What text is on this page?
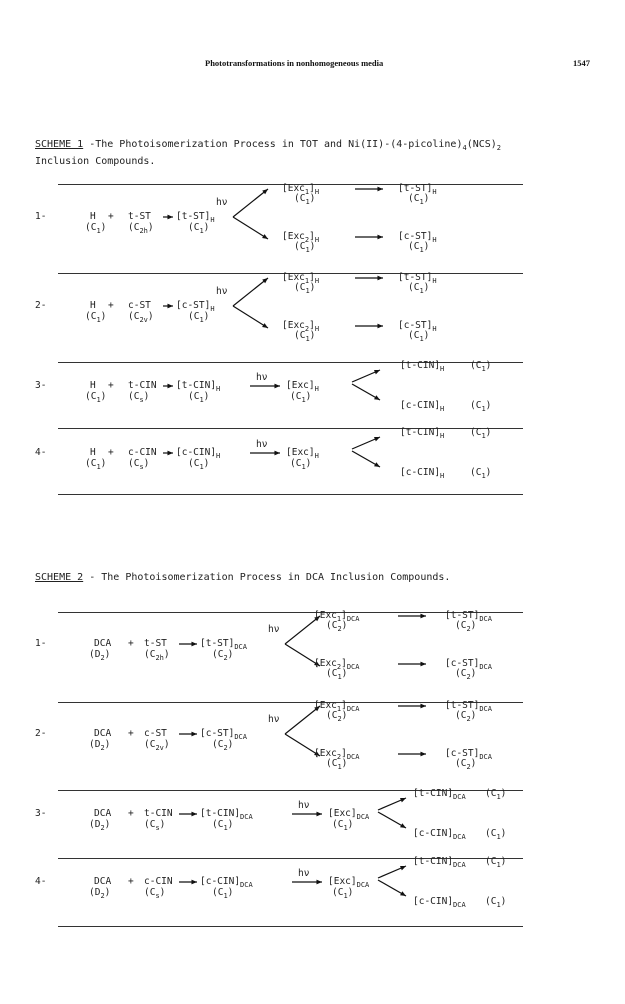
Phototransformations in nonhomogeneous media	1547
SCHEME 1 -The Photoisomerization Process in TOT and $Ni(II)-(4-picoline)_4(NCS)_2$
Inclusion Compounds.
1-	H
$(C_1)$
+ t-ST
$(C_{2h})$
$[t-ST]_H$
$(C_1)$
hν
$[Exc_1]_H$
$(C_1)$
$[t-ST]_H$
$(C_1)$
$[Exc_2]_H$
$(C_1)$
$[c-ST]_H$
$(C_1)$
2-	H
$(C_1)$
+ c-ST
$(C_{2v})$
$[c-ST]_H$
$(C_1)$
hν
$[Exc_1]_H$
$(C_1)$
$[t-ST]_H$
$(C_1)$
$[Exc_2]_H$
$(C_1)$
$[c-ST]_H$
$(C_1)$
3-	H
$(C_1)$
+ t-CIN
$(C_s)$
$[t-CIN]_H$
$(C_1)$
hν
$[Exc]_H$
$(C_1)$
$[t-CIN]_H$	$(C_1)$
$[c-CIN]_H$	$(C_1)$
4-	H
$(C_1)$
+ c-CIN
$(C_s)$
$[c-CIN]_H$
$(C_1)$
hν
$[Exc]_H$
$(C_1)$
$[t-CIN]_H$	$(C_1)$
$[c-CIN]_H$	$(C_1)$
SCHEME 2 - The Photoisomerization Process in DCA Inclusion Compounds.
1-	DCA
$(D_2)$
+ t-ST
$(C_{2h})$
$[t-ST]_{DCA}$
$(C_2)$
hν
$[Exc_1]_{DCA}$
$(C_2)$
$[t-ST]_{DCA}$
$(C_2)$
$[Exc_2]_{DCA}$
$(C_1)$
$[c-ST]_{DCA}$
$(C_2)$
2-	DCA
$(D_2)$
+ c-ST
$(C_{2v})$
$[c-ST]_{DCA}$
$(C_2)$
hν
$[Exc_1]_{DCA}$
$(C_2)$
$[t-ST]_{DCA}$
$(C_2)$
$[Exc_2]_{DCA}$
$(C_1)$
$[c-ST]_{DCA}$
$(C_2)$
3-	DCA
$(D_2)$
+ t-CIN
$(C_s)$
$[t-CIN]_{DCA}$
$(C_1)$
hν
$[Exc]_{DCA}$
$(C_1)$
$[t-CIN]_{DCA}$ $(C_1)$
$[c-CIN]_{DCA}$ $(C_1)$
4-	DCA
$(D_2)$
+ c-CIN
$(C_s)$
$[c-CIN]_{DCA}$
$(C_1)$
hν
$[Exc]_{DCA}$
$(C_1)$
$[t-CIN]_{DCA}$ $(C_1)$
$[c-CIN]_{DCA}$ $(C_1)$
